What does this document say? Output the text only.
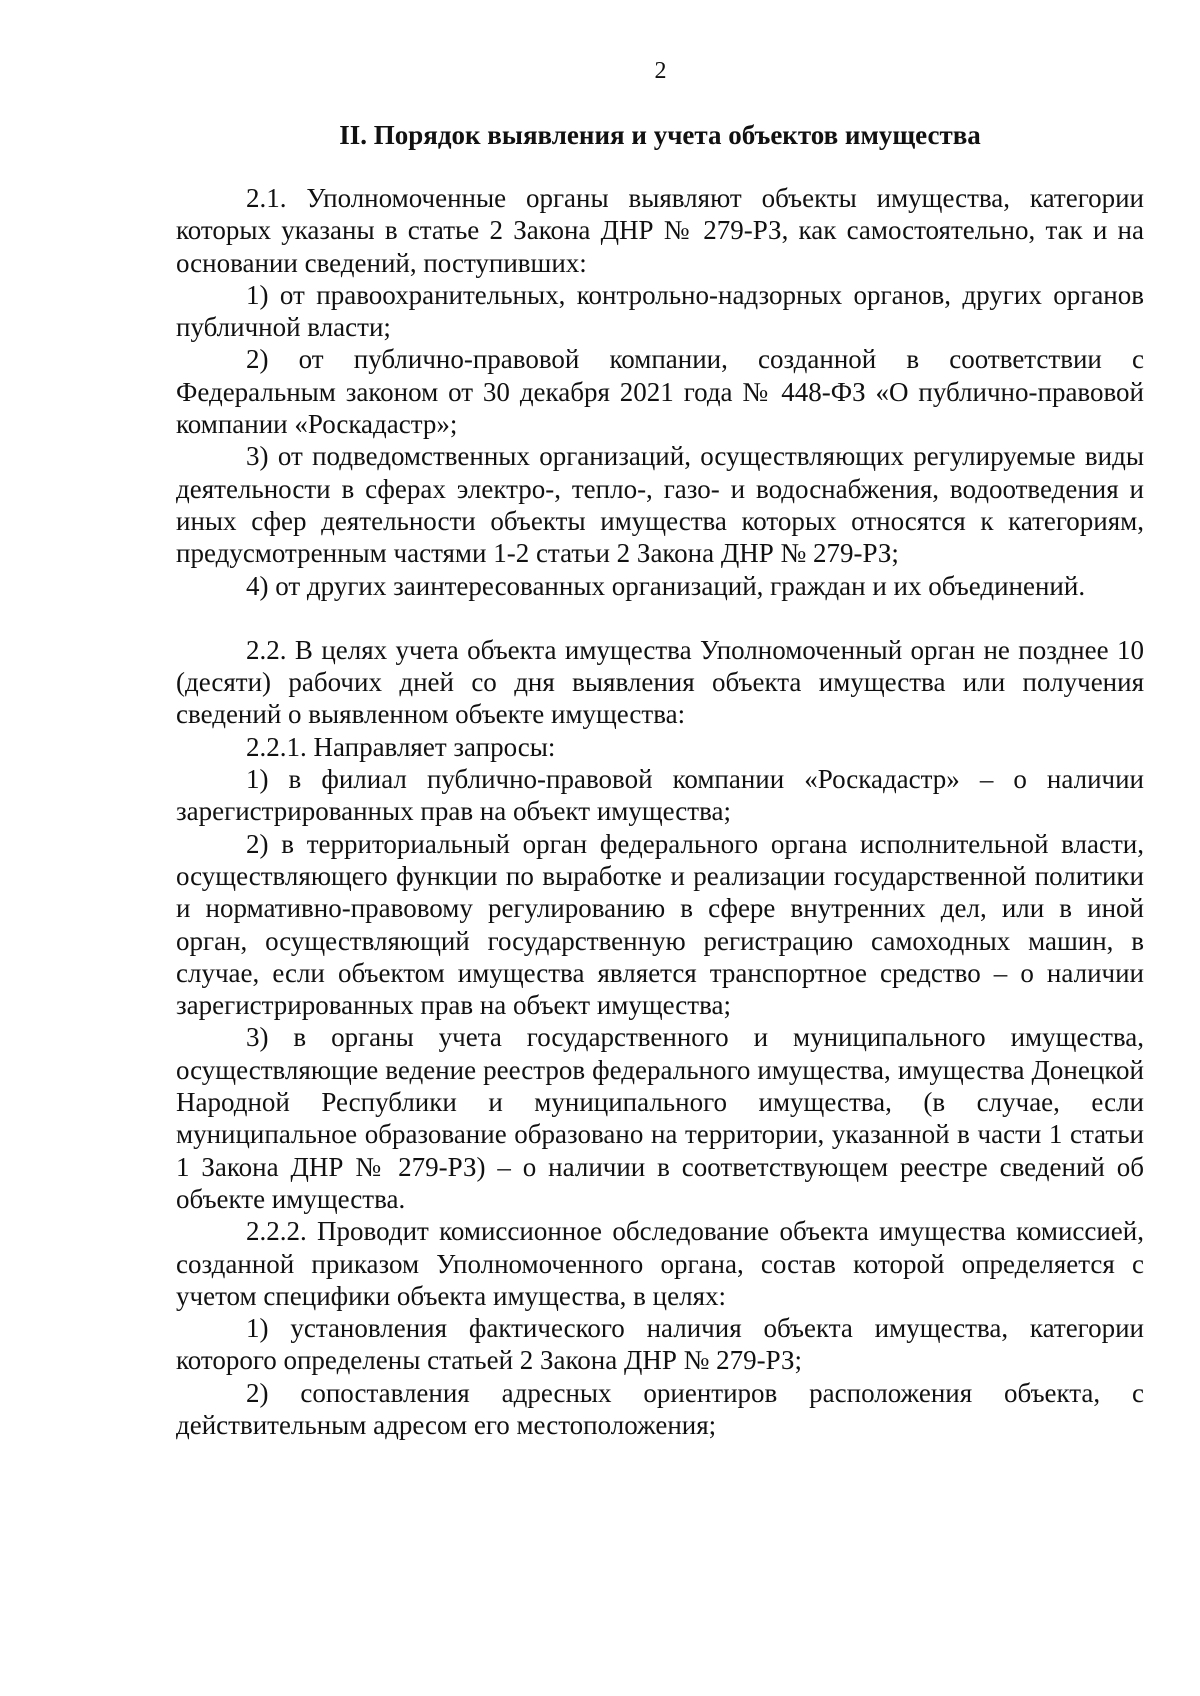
2
II. Порядок выявления и учета объектов имущества

2.1. Уполномоченные органы выявляют объекты имущества, категории которых указаны в статье 2 Закона ДНР № 279-РЗ, как самостоятельно, так и на основании сведений, поступивших:

1) от правоохранительных, контрольно-надзорных органов, других органов публичной власти;

2) от публично-правовой компании, созданной в соответствии с Федеральным законом от 30 декабря 2021 года № 448-ФЗ «О публично-правовой компании «Роскадастр»;

3) от подведомственных организаций, осуществляющих регулируемые виды деятельности в сферах электро-, тепло-, газо- и водоснабжения, водоотведения и иных сфер деятельности объекты имущества которых относятся к категориям, предусмотренным частями 1-2 статьи 2 Закона ДНР № 279-РЗ;

4) от других заинтересованных организаций, граждан и их объединений.

2.2. В целях учета объекта имущества Уполномоченный орган не позднее 10 (десяти) рабочих дней со дня выявления объекта имущества или получения сведений о выявленном объекте имущества:

2.2.1. Направляет запросы:

1) в филиал публично-правовой компании «Роскадастр» – о наличии зарегистрированных прав на объект имущества;

2) в территориальный орган федерального органа исполнительной власти, осуществляющего функции по выработке и реализации государственной политики и нормативно-правовому регулированию в сфере внутренних дел, или в иной орган, осуществляющий государственную регистрацию самоходных машин, в случае, если объектом имущества является транспортное средство – о наличии зарегистрированных прав на объект имущества;

3) в органы учета государственного и муниципального имущества, осуществляющие ведение реестров федерального имущества, имущества Донецкой Народной Республики и муниципального имущества, (в случае, если муниципальное образование образовано на территории, указанной в части 1 статьи 1 Закона ДНР № 279-РЗ) – о наличии в соответствующем реестре сведений об объекте имущества.

2.2.2. Проводит комиссионное обследование объекта имущества комиссией, созданной приказом Уполномоченного органа, состав которой определяется с учетом специфики объекта имущества, в целях:

1) установления фактического наличия объекта имущества, категории которого определены статьей 2 Закона ДНР № 279-РЗ;

2) сопоставления адресных ориентиров расположения объекта, с действительным адресом его местоположения;
